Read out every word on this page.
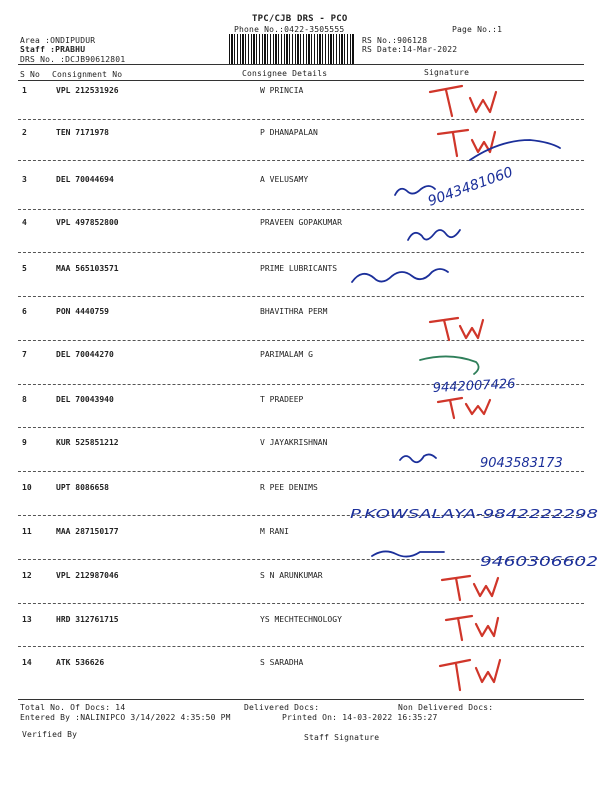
TPC/CJB DRS - PCO
Phone No.:0422-3505555	Page No.:1
Area :ONDIPUDUR
Staff :PRABHU
DRS No. :DCJB90612801
RS No.:906128
RS Date:14-Mar-2022
S No Consignment No	Consignee Details	Signature
1	VPL 212531926	W PRINCIA
2	TEN 7171978	P DHANAPALAN
3	DEL 70044694	A VELUSAMY
4	VPL 497852800	PRAVEEN GOPAKUMAR
5	MAA 565103571	PRIME LUBRICANTS
6	PON 4440759	BHAVITHRA PERM
7	DEL 70044270	PARIMALAM G
8	DEL 70043940	T PRADEEP
9	KUR 525851212	V JAYAKRISHNAN
10	UPT 8086658	R PEE DENIMS
11	MAA 287150177	M RANI
12	VPL 212987046	S N ARUNKUMAR
13	HRD 312761715	YS MECHTECHNOLOGY
14	ATK 536626	S SARADHA
Total No. Of Docs: 14	Delivered Docs:	Non Delivered Docs:
Entered By :NALINIPCO 3/14/2022 4:35:50 PM	Printed On: 14-03-2022 16:35:27
Verified By	Staff Signature
9043481060
9442007426
9043583173
P.KOWSALAYA-9842222298
9460306602
